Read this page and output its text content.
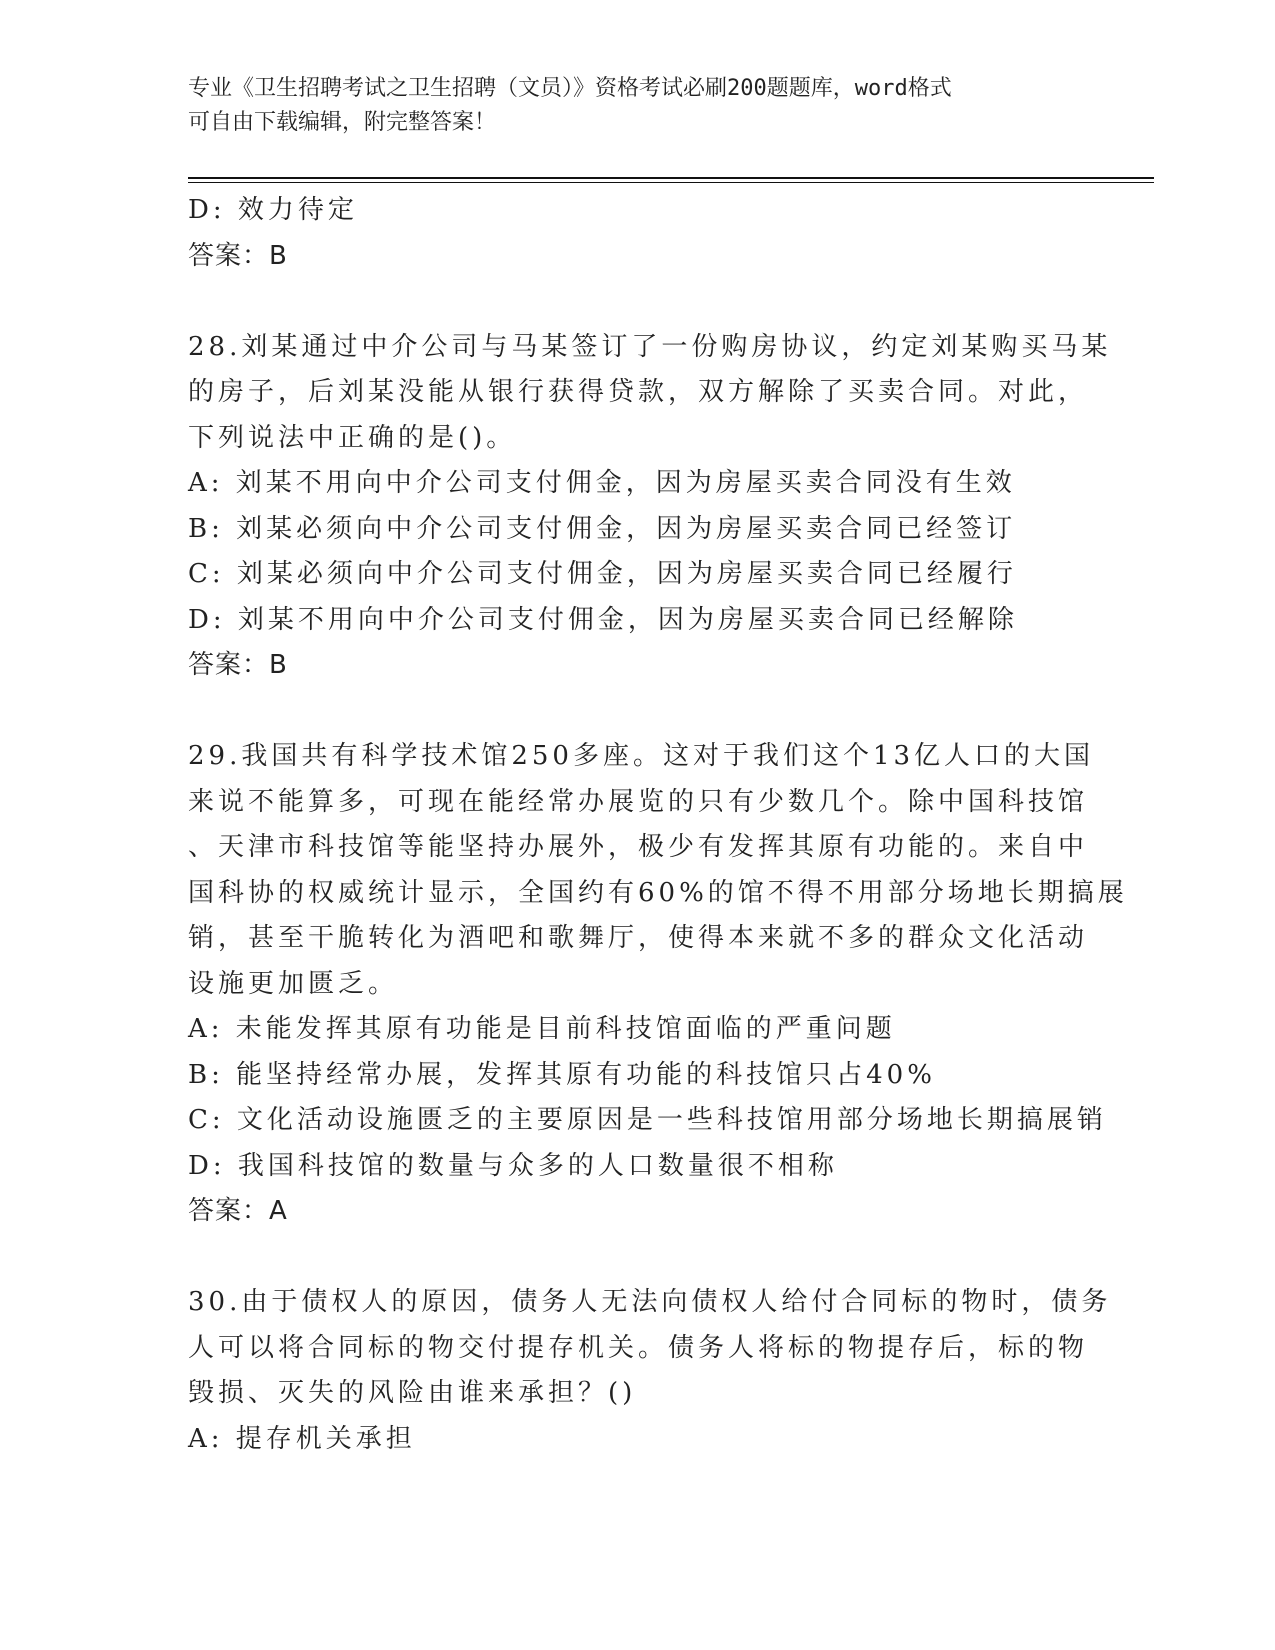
专业《卫生招聘考试之卫生招聘（文员）》资格考试必刷200题题库，word格式
可自由下载编辑，附完整答案！
D: 效力待定
答案：B
28.刘某通过中介公司与马某签订了一份购房协议，约定刘某购买马某
的房子，后刘某没能从银行获得贷款，双方解除了买卖合同。对此，
下列说法中正确的是()。
A: 刘某不用向中介公司支付佣金，因为房屋买卖合同没有生效
B: 刘某必须向中介公司支付佣金，因为房屋买卖合同已经签订
C: 刘某必须向中介公司支付佣金，因为房屋买卖合同已经履行
D: 刘某不用向中介公司支付佣金，因为房屋买卖合同已经解除
答案：B
29.我国共有科学技术馆250多座。这对于我们这个13亿人口的大国
来说不能算多，可现在能经常办展览的只有少数几个。除中国科技馆
、天津市科技馆等能坚持办展外，极少有发挥其原有功能的。来自中
国科协的权威统计显示，全国约有60%的馆不得不用部分场地长期搞展
销，甚至干脆转化为酒吧和歌舞厅，使得本来就不多的群众文化活动
设施更加匮乏。
A: 未能发挥其原有功能是目前科技馆面临的严重问题
B: 能坚持经常办展，发挥其原有功能的科技馆只占40%
C: 文化活动设施匮乏的主要原因是一些科技馆用部分场地长期搞展销
D: 我国科技馆的数量与众多的人口数量很不相称
答案：A
30.由于债权人的原因，债务人无法向债权人给付合同标的物时，债务
人可以将合同标的物交付提存机关。债务人将标的物提存后，标的物
毁损、灭失的风险由谁来承担？()
A: 提存机关承担
